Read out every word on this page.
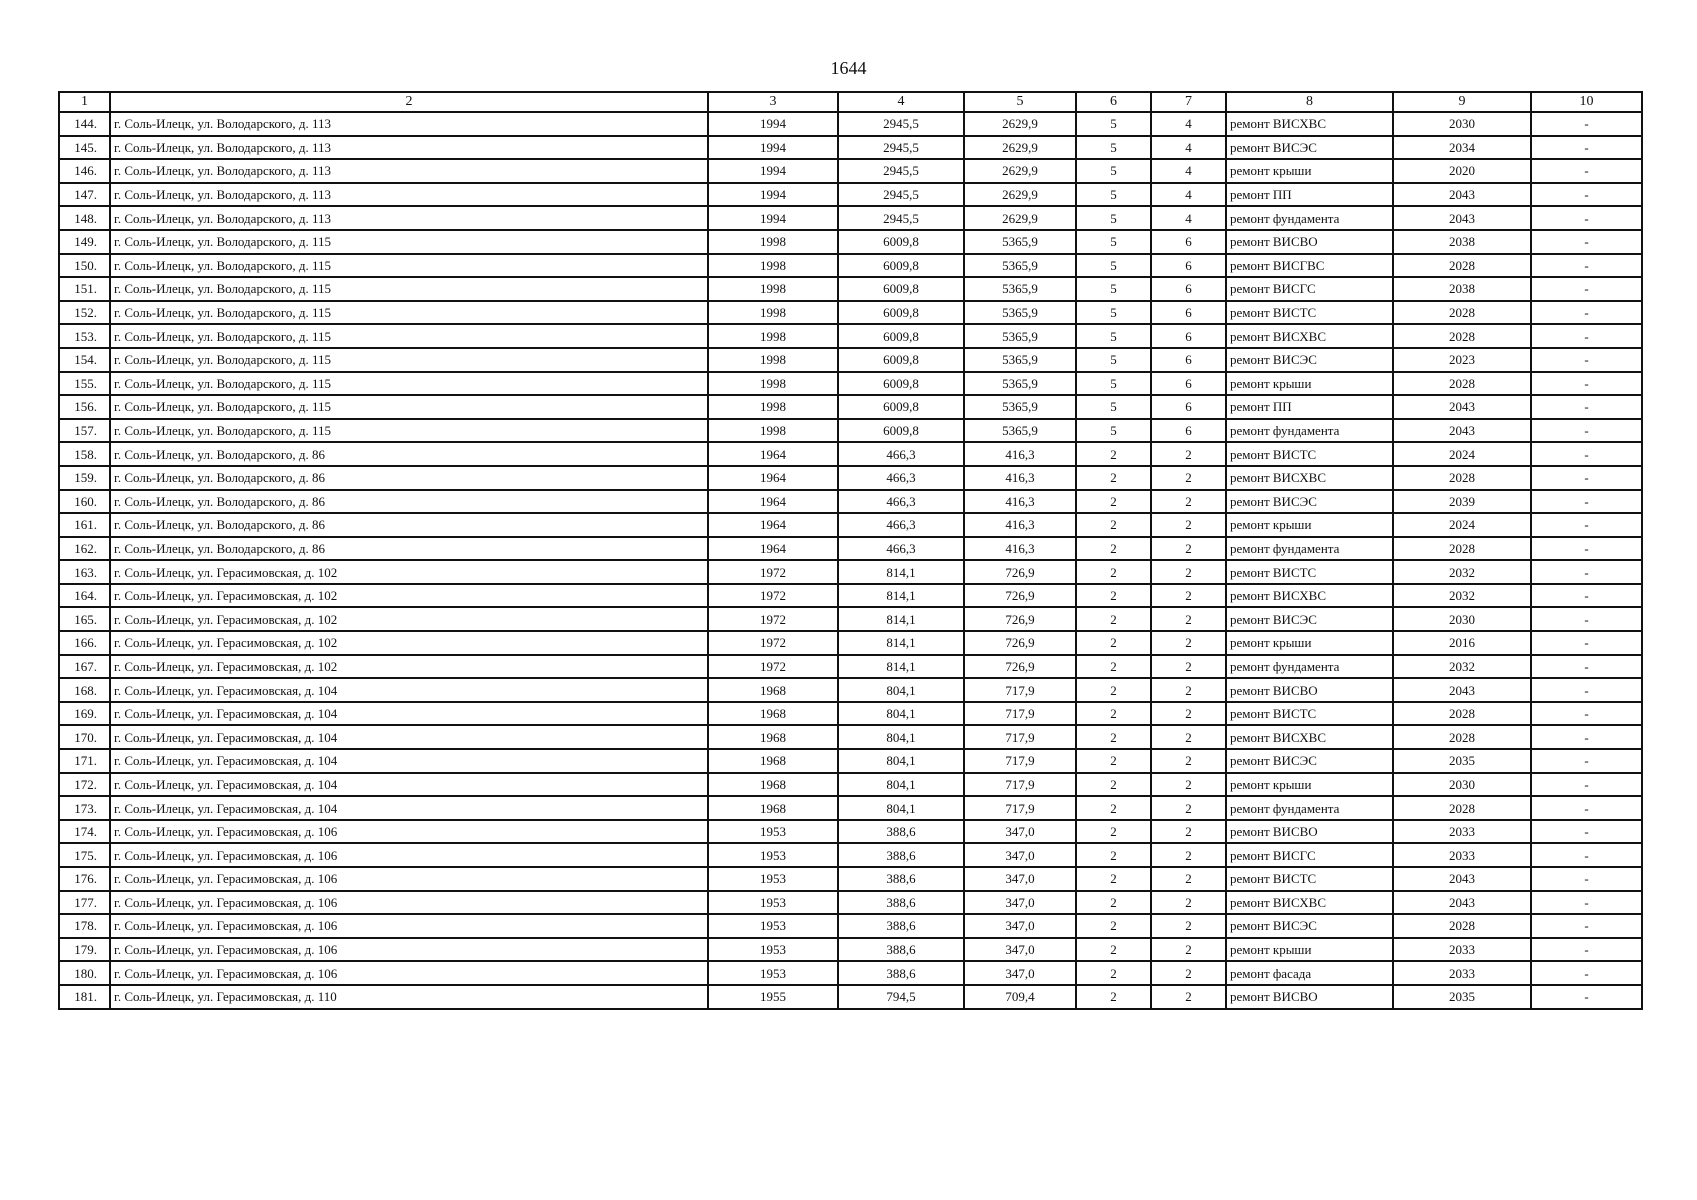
1644
1	2	3	4	5	6	7	8	9	10
144.	г. Соль-Илецк, ул. Володарского, д. 113	1994	2945,5	2629,9	5	4	ремонт ВИСХВС	2030	-
145.	г. Соль-Илецк, ул. Володарского, д. 113	1994	2945,5	2629,9	5	4	ремонт ВИСЭС	2034	-
146.	г. Соль-Илецк, ул. Володарского, д. 113	1994	2945,5	2629,9	5	4	ремонт крыши	2020	-
147.	г. Соль-Илецк, ул. Володарского, д. 113	1994	2945,5	2629,9	5	4	ремонт ПП	2043	-
148.	г. Соль-Илецк, ул. Володарского, д. 113	1994	2945,5	2629,9	5	4	ремонт фундамента	2043	-
149.	г. Соль-Илецк, ул. Володарского, д. 115	1998	6009,8	5365,9	5	6	ремонт ВИСВО	2038	-
150.	г. Соль-Илецк, ул. Володарского, д. 115	1998	6009,8	5365,9	5	6	ремонт ВИСГВС	2028	-
151.	г. Соль-Илецк, ул. Володарского, д. 115	1998	6009,8	5365,9	5	6	ремонт ВИСГС	2038	-
152.	г. Соль-Илецк, ул. Володарского, д. 115	1998	6009,8	5365,9	5	6	ремонт ВИСТС	2028	-
153.	г. Соль-Илецк, ул. Володарского, д. 115	1998	6009,8	5365,9	5	6	ремонт ВИСХВС	2028	-
154.	г. Соль-Илецк, ул. Володарского, д. 115	1998	6009,8	5365,9	5	6	ремонт ВИСЭС	2023	-
155.	г. Соль-Илецк, ул. Володарского, д. 115	1998	6009,8	5365,9	5	6	ремонт крыши	2028	-
156.	г. Соль-Илецк, ул. Володарского, д. 115	1998	6009,8	5365,9	5	6	ремонт ПП	2043	-
157.	г. Соль-Илецк, ул. Володарского, д. 115	1998	6009,8	5365,9	5	6	ремонт фундамента	2043	-
158.	г. Соль-Илецк, ул. Володарского, д. 86	1964	466,3	416,3	2	2	ремонт ВИСТС	2024	-
159.	г. Соль-Илецк, ул. Володарского, д. 86	1964	466,3	416,3	2	2	ремонт ВИСХВС	2028	-
160.	г. Соль-Илецк, ул. Володарского, д. 86	1964	466,3	416,3	2	2	ремонт ВИСЭС	2039	-
161.	г. Соль-Илецк, ул. Володарского, д. 86	1964	466,3	416,3	2	2	ремонт крыши	2024	-
162.	г. Соль-Илецк, ул. Володарского, д. 86	1964	466,3	416,3	2	2	ремонт фундамента	2028	-
163.	г. Соль-Илецк, ул. Герасимовская, д. 102	1972	814,1	726,9	2	2	ремонт ВИСТС	2032	-
164.	г. Соль-Илецк, ул. Герасимовская, д. 102	1972	814,1	726,9	2	2	ремонт ВИСХВС	2032	-
165.	г. Соль-Илецк, ул. Герасимовская, д. 102	1972	814,1	726,9	2	2	ремонт ВИСЭС	2030	-
166.	г. Соль-Илецк, ул. Герасимовская, д. 102	1972	814,1	726,9	2	2	ремонт крыши	2016	-
167.	г. Соль-Илецк, ул. Герасимовская, д. 102	1972	814,1	726,9	2	2	ремонт фундамента	2032	-
168.	г. Соль-Илецк, ул. Герасимовская, д. 104	1968	804,1	717,9	2	2	ремонт ВИСВО	2043	-
169.	г. Соль-Илецк, ул. Герасимовская, д. 104	1968	804,1	717,9	2	2	ремонт ВИСТС	2028	-
170.	г. Соль-Илецк, ул. Герасимовская, д. 104	1968	804,1	717,9	2	2	ремонт ВИСХВС	2028	-
171.	г. Соль-Илецк, ул. Герасимовская, д. 104	1968	804,1	717,9	2	2	ремонт ВИСЭС	2035	-
172.	г. Соль-Илецк, ул. Герасимовская, д. 104	1968	804,1	717,9	2	2	ремонт крыши	2030	-
173.	г. Соль-Илецк, ул. Герасимовская, д. 104	1968	804,1	717,9	2	2	ремонт фундамента	2028	-
174.	г. Соль-Илецк, ул. Герасимовская, д. 106	1953	388,6	347,0	2	2	ремонт ВИСВО	2033	-
175.	г. Соль-Илецк, ул. Герасимовская, д. 106	1953	388,6	347,0	2	2	ремонт ВИСГС	2033	-
176.	г. Соль-Илецк, ул. Герасимовская, д. 106	1953	388,6	347,0	2	2	ремонт ВИСТС	2043	-
177.	г. Соль-Илецк, ул. Герасимовская, д. 106	1953	388,6	347,0	2	2	ремонт ВИСХВС	2043	-
178.	г. Соль-Илецк, ул. Герасимовская, д. 106	1953	388,6	347,0	2	2	ремонт ВИСЭС	2028	-
179.	г. Соль-Илецк, ул. Герасимовская, д. 106	1953	388,6	347,0	2	2	ремонт крыши	2033	-
180.	г. Соль-Илецк, ул. Герасимовская, д. 106	1953	388,6	347,0	2	2	ремонт фасада	2033	-
181.	г. Соль-Илецк, ул. Герасимовская, д. 110	1955	794,5	709,4	2	2	ремонт ВИСВО	2035	-
